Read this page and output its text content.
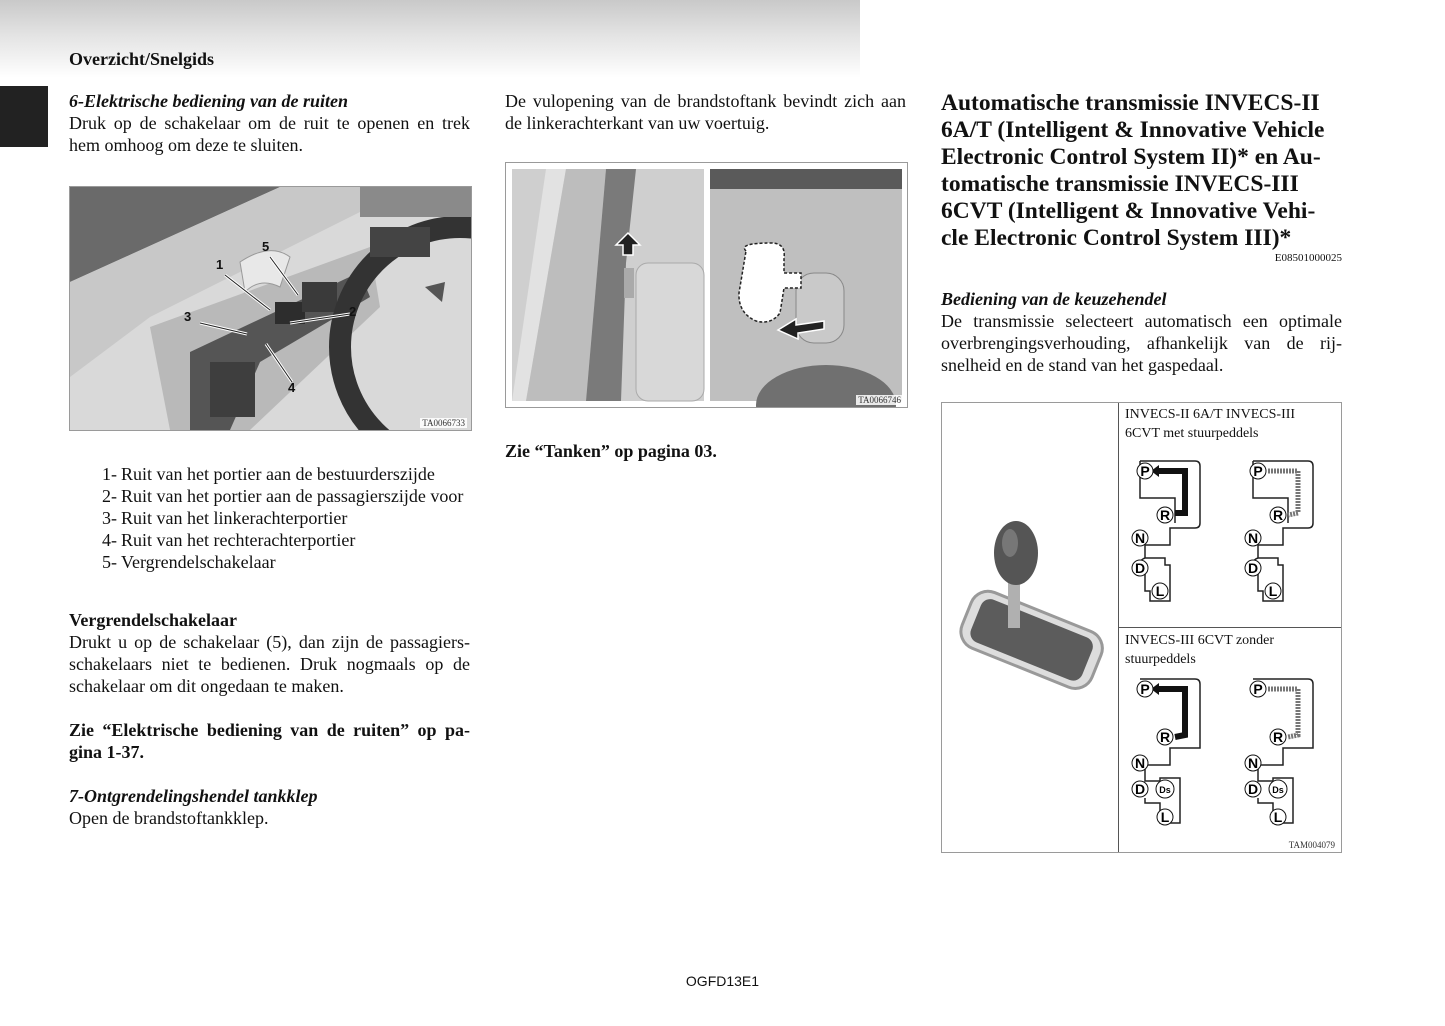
Overzicht/Snelgids

6-Elektrische bediening van de ruiten

Druk op de schakelaar om de ruit te openen en trek hem omhoog om deze te sluiten.

1
2
3
4
5
TA0066733
1- Ruit van het portier aan de bestuurderszijde
2- Ruit van het portier aan de passagierszijde voor
3- Ruit van het linkerachterportier
4- Ruit van het rechterachterportier
5- Vergrendelschakelaar

Vergrendelschakelaar

Drukt u op de schakelaar (5), dan zijn de passagiers-schakelaars niet te bedienen. Druk nogmaals op de schakelaar om dit ongedaan te maken.

Zie “Elektrische bediening van de ruiten” op pa-gina 1-37.

7-Ontgrendelingshendel tankklep

Open de brandstoftankklep.

De vulopening van de brandstoftank bevindt zich aan de linkerachterkant van uw voertuig.

TA0066746

Zie “Tanken” op pagina 03.

Automatische transmissie INVECS-II 6A/T (Intelligent & Innovative Vehicle Electronic Control System II)* en Au-tomatische transmissie INVECS-III 6CVT (Intelligent & Innovative Vehi-cle Electronic Control System III)*

E08501000025

Bediening van de keuzehendel

De transmissie selecteert automatisch een optimale overbrengingsverhouding, afhankelijk van de rij-snelheid en de stand van het gaspedaal.

INVECS-II 6A/T INVECS-III 6CVT met stuurpeddels
P
R
N
D
L
P
R
N
D
L
INVECS-III 6CVT zonder stuurpeddels
P
R
N
D Ds
L
P
R
N
D Ds
L
TAM004079
OGFD13E1
